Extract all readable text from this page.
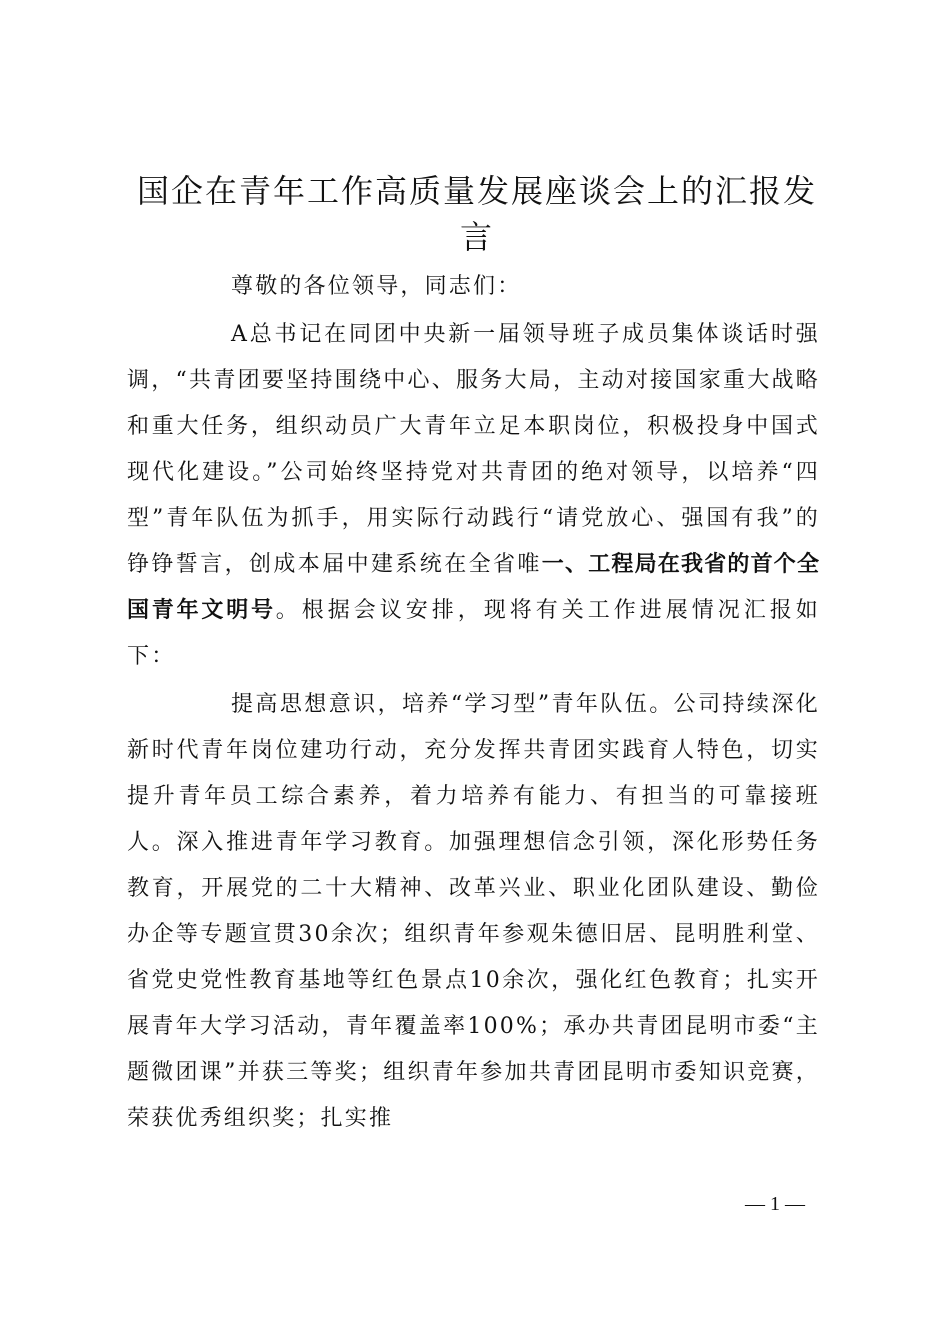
国企在青年工作高质量发展座谈会上的汇报发言

尊敬的各位领导，同志们：

A总书记在同团中央新一届领导班子成员集体谈话时强调，“共青团要坚持围绕中心、服务大局，主动对接国家重大战略和重大任务，组织动员广大青年立足本职岗位，积极投身中国式现代化建设。”公司始终坚持党对共青团的绝对领导，以培养“四型”青年队伍为抓手，用实际行动践行“请党放心、强国有我”的铮铮誓言，创成本届中建系统在全省唯一、工程局在我省的首个全国青年文明号。根据会议安排，现将有关工作进展情况汇报如下：

提高思想意识，培养“学习型”青年队伍。公司持续深化新时代青年岗位建功行动，充分发挥共青团实践育人特色，切实提升青年员工综合素养，着力培养有能力、有担当的可靠接班人。深入推进青年学习教育。加强理想信念引领，深化形势任务教育，开展党的二十大精神、改革兴业、职业化团队建设、勤俭办企等专题宣贯30余次；组织青年参观朱德旧居、昆明胜利堂、省党史党性教育基地等红色景点10余次，强化红色教育；扎实开展青年大学习活动，青年覆盖率100%；承办共青团昆明市委“主题微团课”并获三等奖；组织青年参加共青团昆明市委知识竞赛，荣获优秀组织奖；扎实推

— 1 —
